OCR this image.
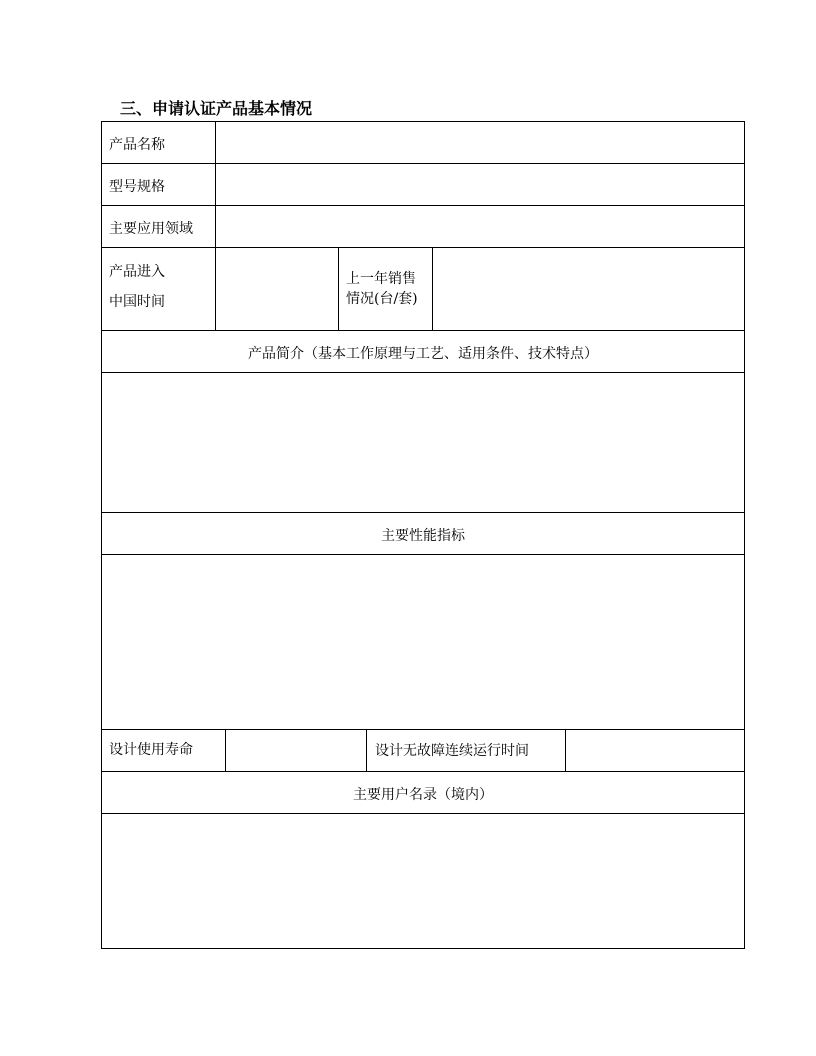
三、申请认证产品基本情况
产品名称
型号规格
主要应用领域
产品进入
中国时间
上一年销售
情况(台/套)
产品简介（基本工作原理与工艺、适用条件、技术特点）
主要性能指标
设计使用寿命	设计无故障连续运行时间
主要用户名录（境内）
